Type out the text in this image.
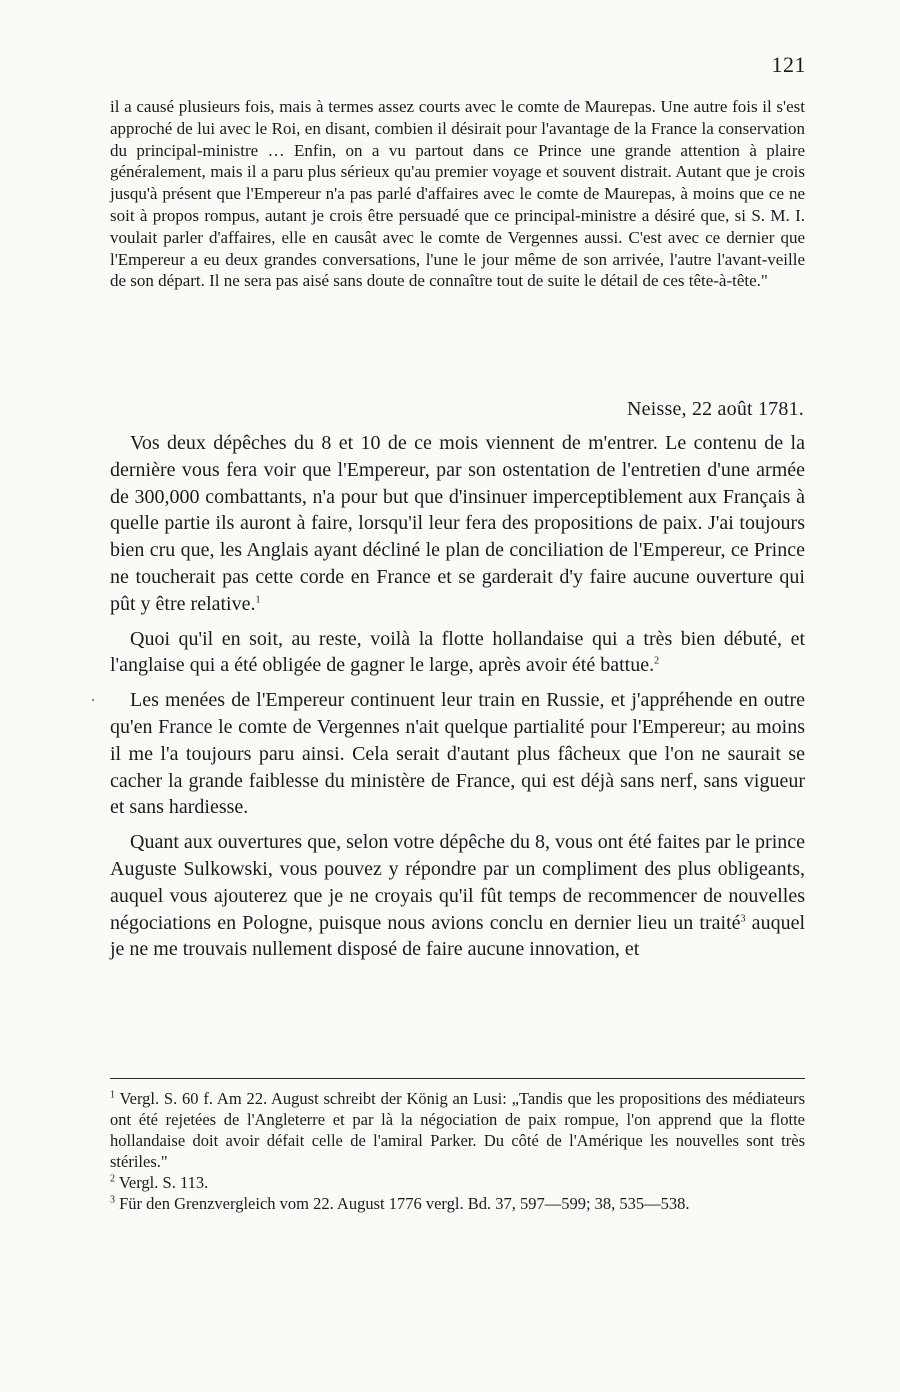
121

il a causé plusieurs fois, mais à termes assez courts avec le comte de Maurepas. Une autre fois il s'est approché de lui avec le Roi, en disant, combien il désirait pour l'avantage de la France la conservation du principal-ministre … Enfin, on a vu partout dans ce Prince une grande attention à plaire généralement, mais il a paru plus sérieux qu'au premier voyage et souvent distrait. Autant que je crois jusqu'à présent que l'Empereur n'a pas parlé d'affaires avec le comte de Maurepas, à moins que ce ne soit à propos rompus, autant je crois être persuadé que ce principal-ministre a désiré que, si S. M. I. voulait parler d'affaires, elle en causât avec le comte de Vergennes aussi. C'est avec ce dernier que l'Empereur a eu deux grandes conversations, l'une le jour même de son arrivée, l'autre l'avant-veille de son départ. Il ne sera pas aisé sans doute de connaître tout de suite le détail de ces tête-à-tête."

Neisse, 22 août 1781.

Vos deux dépêches du 8 et 10 de ce mois viennent de m'entrer. Le contenu de la dernière vous fera voir que l'Empereur, par son ostentation de l'entretien d'une armée de 300,000 combattants, n'a pour but que d'insinuer imperceptiblement aux Français à quelle partie ils auront à faire, lorsqu'il leur fera des propositions de paix. J'ai toujours bien cru que, les Anglais ayant décliné le plan de conciliation de l'Empereur, ce Prince ne toucherait pas cette corde en France et se garderait d'y faire aucune ouverture qui pût y être relative.$^1$

Quoi qu'il en soit, au reste, voilà la flotte hollandaise qui a très bien débuté, et l'anglaise qui a été obligée de gagner le large, après avoir été battue.$^2$

Les menées de l'Empereur continuent leur train en Russie, et j'appréhende en outre qu'en France le comte de Vergennes n'ait quelque partialité pour l'Empereur; au moins il me l'a toujours paru ainsi. Cela serait d'autant plus fâcheux que l'on ne saurait se cacher la grande faiblesse du ministère de France, qui est déjà sans nerf, sans vigueur et sans hardiesse.

Quant aux ouvertures que, selon votre dépêche du 8, vous ont été faites par le prince Auguste Sulkowski, vous pouvez y répondre par un compliment des plus obligeants, auquel vous ajouterez que je ne croyais qu'il fût temps de recommencer de nouvelles négociations en Pologne, puisque nous avions conclu en dernier lieu un traité$^3$ auquel je ne me trouvais nullement disposé de faire aucune innovation, et

$^1$ Vergl. S. 60 f. Am 22. August schreibt der König an Lusi: „Tandis que les propositions des médiateurs ont été rejetées de l'Angleterre et par là la négociation de paix rompue, l'on apprend que la flotte hollandaise doit avoir défait celle de l'amiral Parker. Du côté de l'Amérique les nouvelles sont très stériles."

$^2$ Vergl. S. 113.

$^3$ Für den Grenzvergleich vom 22. August 1776 vergl. Bd. 37, 597—599; 38, 535—538.
